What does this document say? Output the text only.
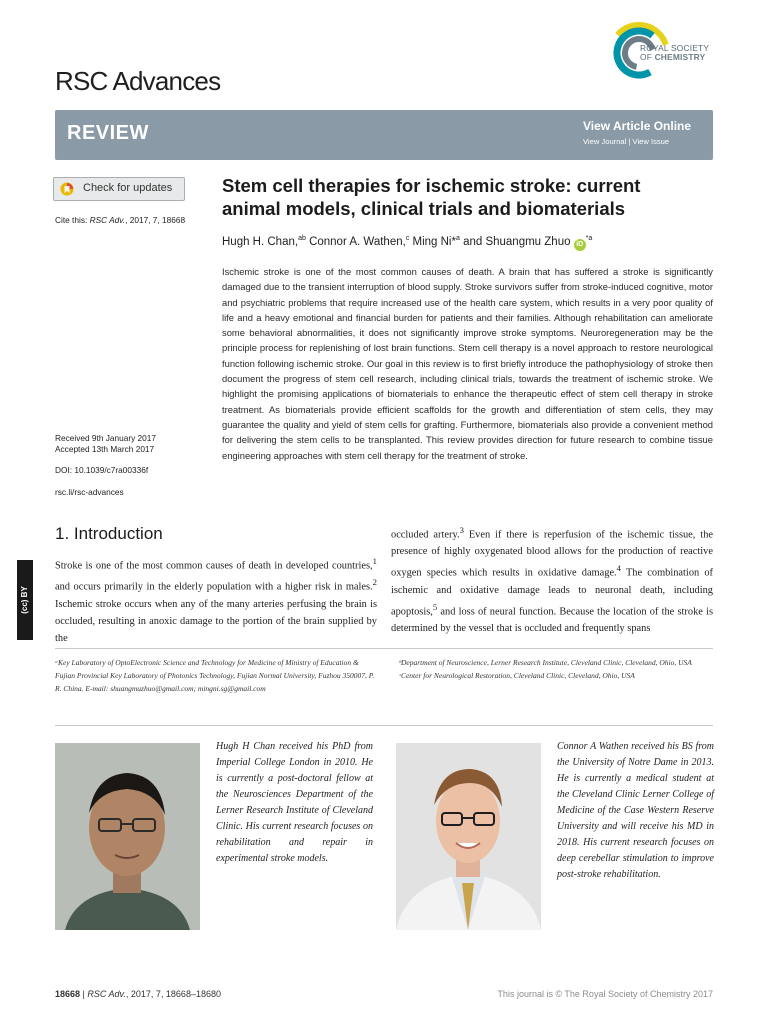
ROYAL SOCIETY
OF CHEMISTRY
RSC Advances
REVIEW	View Article Online
View Journal | View Issue
Check for updates
Cite this: RSC Adv., 2017, 7, 18668
Stem cell therapies for ischemic stroke: current animal models, clinical trials and biomaterials
Hugh H. Chan,$^{ab}$ Connor A. Wathen,$^c$ Ming Ni*$^a$ and Shuangmu Zhuo $iD^{*a}$
Ischemic stroke is one of the most common causes of death. A brain that has suffered a stroke is significantly damaged due to the transient interruption of blood supply. Stroke survivors suffer from stroke-induced cognitive, motor and psychiatric problems that require increased use of the health care system, which results in a very poor quality of life and a heavy emotional and financial burden for patients and their families. Although rehabilitation can ameliorate some behavioral abnormalities, it does not significantly improve stroke symptoms. Neuroregeneration may be the principle process for replenishing of lost brain functions. Stem cell therapy is a novel approach to restore neurological function following ischemic stroke. Our goal in this review is to first briefly introduce the pathophysiology of stroke then document the progress of stem cell research, including clinical trials, towards the treatment of ischemic stroke. We highlight the promising applications of biomaterials to enhance the therapeutic effect of stem cell therapy in stroke treatment. As biomaterials provide efficient scaffolds for the growth and differentiation of stem cells, they may guarantee the quality and yield of stem cells for grafting. Furthermore, biomaterials also provide a convenient method for delivering the stem cells to be transplanted. This review provides direction for future research to combine tissue engineering approaches with stem cell therapy for the treatment of stroke.
Received 9th January 2017
Accepted 13th March 2017
DOI: 10.1039/c7ra00336f
rsc.li/rsc-advances
(cc) BY
1. Introduction
Stroke is one of the most common causes of death in developed countries,$^1$ and occurs primarily in the elderly population with a higher risk in males.$^2$ Ischemic stroke occurs when any of the many arteries perfusing the brain is occluded, resulting in anoxic damage to the portion of the brain supplied by the
occluded artery.$^3$ Even if there is reperfusion of the ischemic tissue, the presence of highly oxygenated blood allows for the production of reactive oxygen species which results in oxidative damage.$^4$ The combination of ischemic and oxidative damage leads to neuronal death, including apoptosis,$^5$ and loss of neural function. Because the location of the stroke is determined by the vessel that is occluded and frequently spans
ᵃKey Laboratory of OptoElectronic Science and Technology for Medicine of Ministry of Education & Fujian Provincial Key Laboratory of Photonics Technology, Fujian Normal University, Fuzhou 350007, P. R. China. E-mail: shuangmuzhuo@gmail.com; mingni.sg@gmail.com
ᵇDepartment of Neuroscience, Lerner Research Institute, Cleveland Clinic, Cleveland, Ohio, USA
ᶜCenter for Neurological Restoration, Cleveland Clinic, Cleveland, Ohio, USA
Hugh H Chan received his PhD from Imperial College London in 2010. He is currently a post-doctoral fellow at the Neurosciences Department of the Lerner Research Institute of Cleveland Clinic. His current research focuses on rehabilitation and repair in experimental stroke models.
Connor A Wathen received his BS from the University of Notre Dame in 2013. He is currently a medical student at the Cleveland Clinic Lerner College of Medicine of the Case Western Reserve University and will receive his MD in 2018. His current research focuses on deep cerebellar stimulation to improve post-stroke rehabilitation.
18668 | RSC Adv., 2017, 7, 18668–18680	This journal is © The Royal Society of Chemistry 2017
